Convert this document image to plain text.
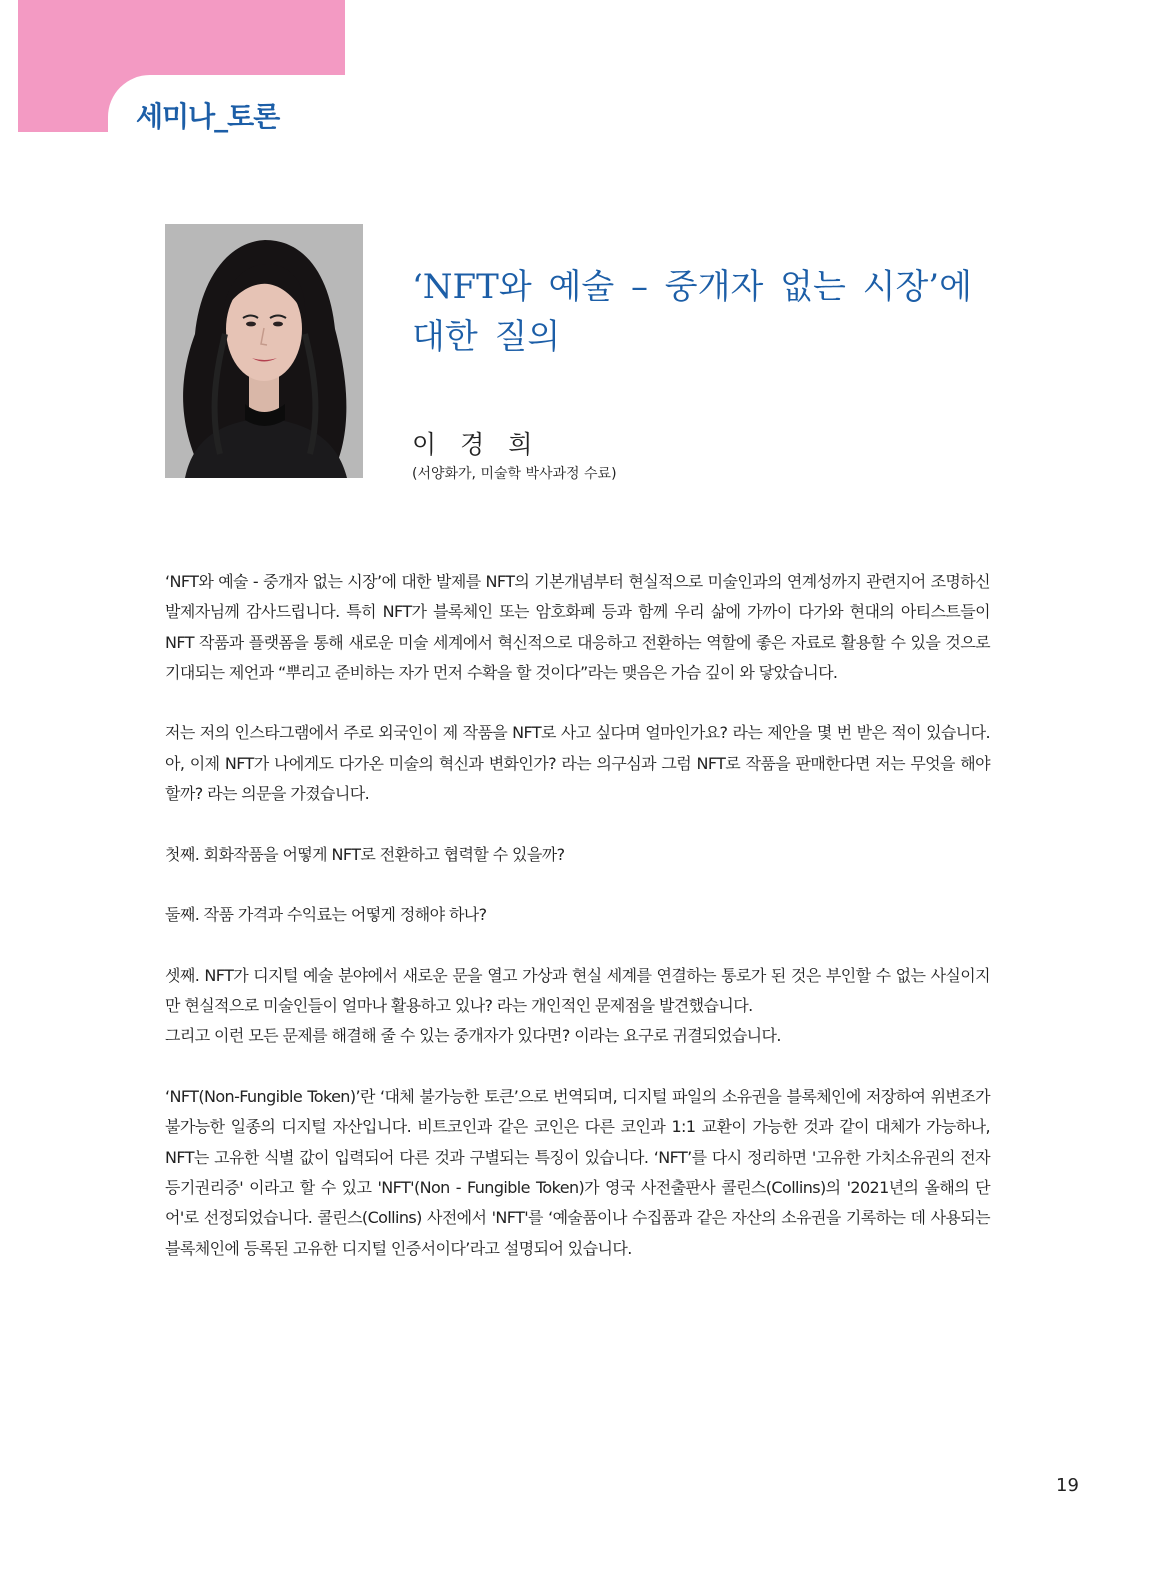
세미나_토론
‘NFT와 예술 – 중개자 없는 시장’에
대한 질의
이 경 희
(서양화가, 미술학 박사과정 수료)

‘NFT와 예술 - 중개자 없는 시장’에 대한 발제를 NFT의 기본개념부터 현실적으로 미술인과의 연계성까지 관련지어 조명하신 발제자님께 감사드립니다. 특히 NFT가 블록체인 또는 암호화폐 등과 함께 우리 삶에 가까이 다가와 현대의 아티스트들이 NFT 작품과 플랫폼을 통해 새로운 미술 세계에서 혁신적으로 대응하고 전환하는 역할에 좋은 자료로 활용할 수 있을 것으로 기대되는 제언과 “뿌리고 준비하는 자가 먼저 수확을 할 것이다”라는 맺음은 가슴 깊이 와 닿았습니다.

저는 저의 인스타그램에서 주로 외국인이 제 작품을 NFT로 사고 싶다며 얼마인가요? 라는 제안을 몇 번 받은 적이 있습니다. 아, 이제 NFT가 나에게도 다가온 미술의 혁신과 변화인가? 라는 의구심과 그럼 NFT로 작품을 판매한다면 저는 무엇을 해야 할까? 라는 의문을 가졌습니다.

첫째. 회화작품을 어떻게 NFT로 전환하고 협력할 수 있을까?

둘째. 작품 가격과 수익료는 어떻게 정해야 하나?

셋째. NFT가 디지털 예술 분야에서 새로운 문을 열고 가상과 현실 세계를 연결하는 통로가 된 것은 부인할 수 없는 사실이지만 현실적으로 미술인들이 얼마나 활용하고 있나? 라는 개인적인 문제점을 발견했습니다.

그리고 이런 모든 문제를 해결해 줄 수 있는 중개자가 있다면? 이라는 요구로 귀결되었습니다.

‘NFT(Non-Fungible Token)’란 ‘대체 불가능한 토큰’으로 번역되며, 디지털 파일의 소유권을 블록체인에 저장하여 위변조가 불가능한 일종의 디지털 자산입니다. 비트코인과 같은 코인은 다른 코인과 1:1 교환이 가능한 것과 같이 대체가 가능하나, NFT는 고유한 식별 값이 입력되어 다른 것과 구별되는 특징이 있습니다. ‘NFT’를 다시 정리하면 '고유한 가치소유권의 전자 등기권리증' 이라고 할 수 있고 'NFT'(Non - Fungible Token)가 영국 사전출판사 콜린스(Collins)의 '2021년의 올해의 단어'로 선정되었습니다. 콜린스(Collins) 사전에서 'NFT'를 ‘예술품이나 수집품과 같은 자산의 소유권을 기록하는 데 사용되는 블록체인에 등록된 고유한 디지털 인증서이다’라고 설명되어 있습니다.

19
